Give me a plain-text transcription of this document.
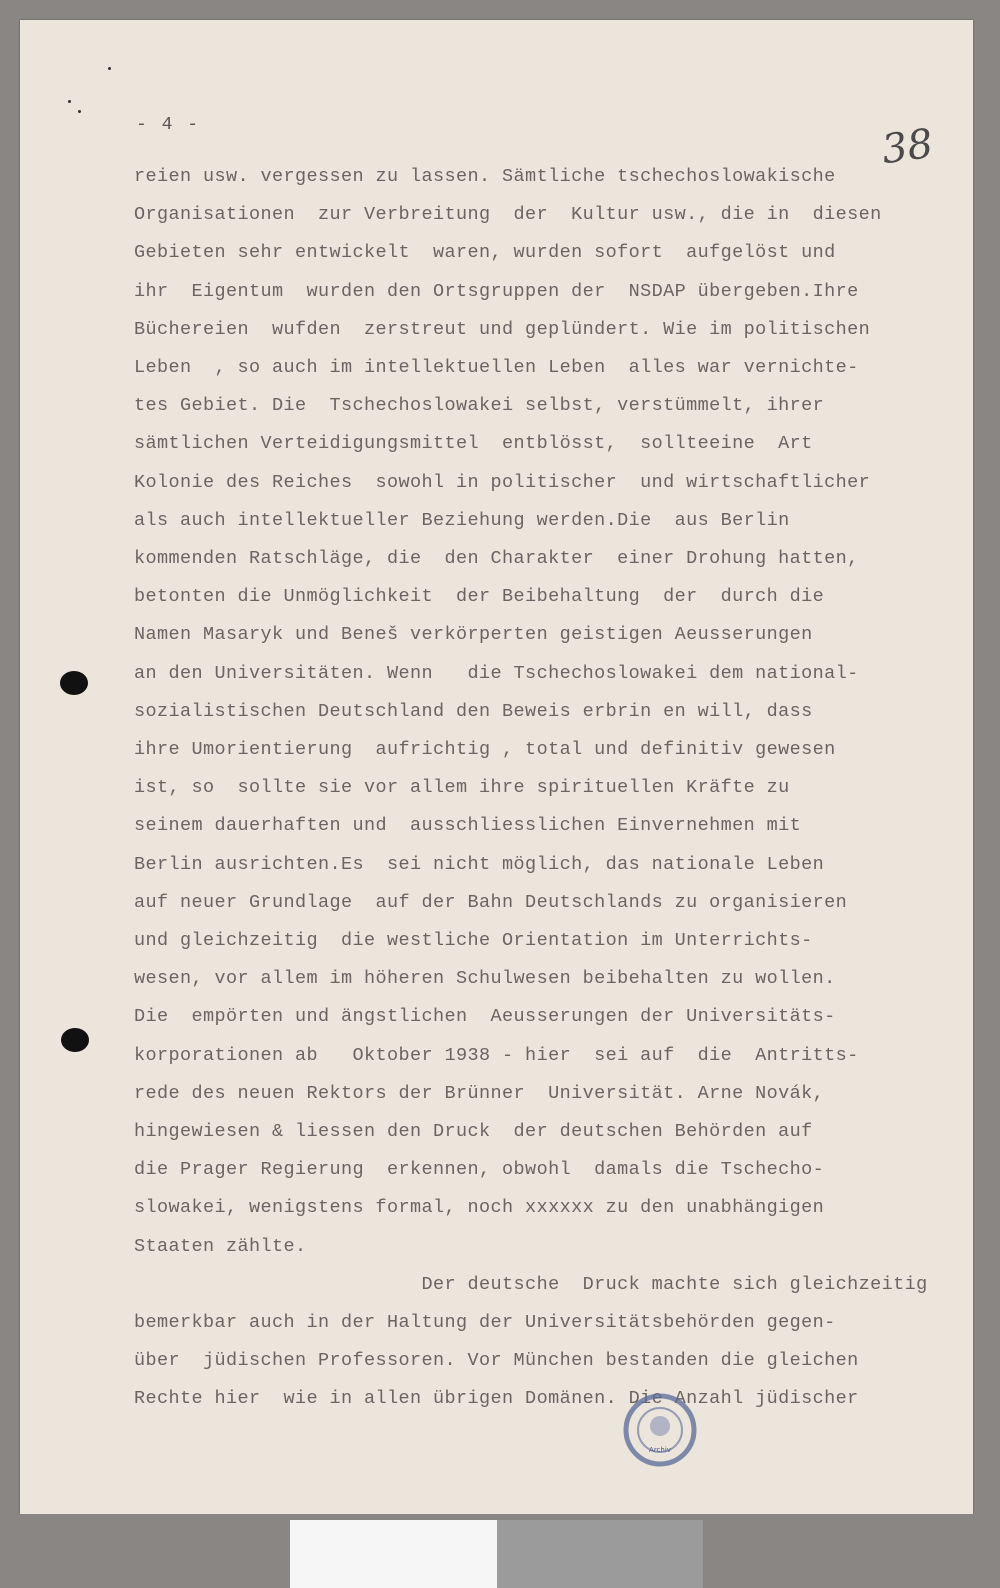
- 4 -	38
reien usw. vergessen zu lassen. Sämtliche tschechoslowakische
Organisationen  zur Verbreitung  der  Kultur usw., die in  diesen
Gebieten sehr entwickelt  waren, wurden sofort  aufgelöst und
ihr  Eigentum  wurden den Ortsgruppen der  NSDAP übergeben.Ihre
Büchereien  wufden  zerstreut und geplündert. Wie im politischen
Leben  , so auch im intellektuellen Leben  alles war vernichte-
tes Gebiet. Die  Tschechoslowakei selbst, verstümmelt, ihrer
sämtlichen Verteidigungsmittel  entblösst,  sollteeine  Art
Kolonie des Reiches  sowohl in politischer  und wirtschaftlicher
als auch intellektueller Beziehung werden.Die  aus Berlin
kommenden Ratschläge, die  den Charakter  einer Drohung hatten,
betonten die Unmöglichkeit  der Beibehaltung  der  durch die
Namen Masaryk und Beneš verkörperten geistigen Aeusserungen
an den Universitäten. Wenn   die Tschechoslowakei dem national-
sozialistischen Deutschland den Beweis erbrin en will, dass
ihre Umorientierung  aufrichtig , total und definitiv gewesen
ist, so  sollte sie vor allem ihre spirituellen Kräfte zu
seinem dauerhaften und  ausschliesslichen Einvernehmen mit
Berlin ausrichten.Es  sei nicht möglich, das nationale Leben
auf neuer Grundlage  auf der Bahn Deutschlands zu organisieren
und gleichzeitig  die westliche Orientation im Unterrichts-
wesen, vor allem im höheren Schulwesen beibehalten zu wollen.
Die  empörten und ängstlichen  Aeusserungen der Universitäts-
korporationen ab   Oktober 1938 - hier  sei auf  die  Antritts-
rede des neuen Rektors der Brünner  Universität. Arne Novák,
hingewiesen & liessen den Druck  der deutschen Behörden auf
die Prager Regierung  erkennen, obwohl  damals die Tschecho-
slowakei, wenigstens formal, noch xxxxxx zu den unabhängigen
Staaten zählte.
Der deutsche  Druck machte sich gleichzeitig
bemerkbar auch in der Haltung der Universitätsbehörden gegen-
über  jüdischen Professoren. Vor München bestanden die gleichen
Rechte hier  wie in allen übrigen Domänen. Die Anzahl jüdischer
Archiv
